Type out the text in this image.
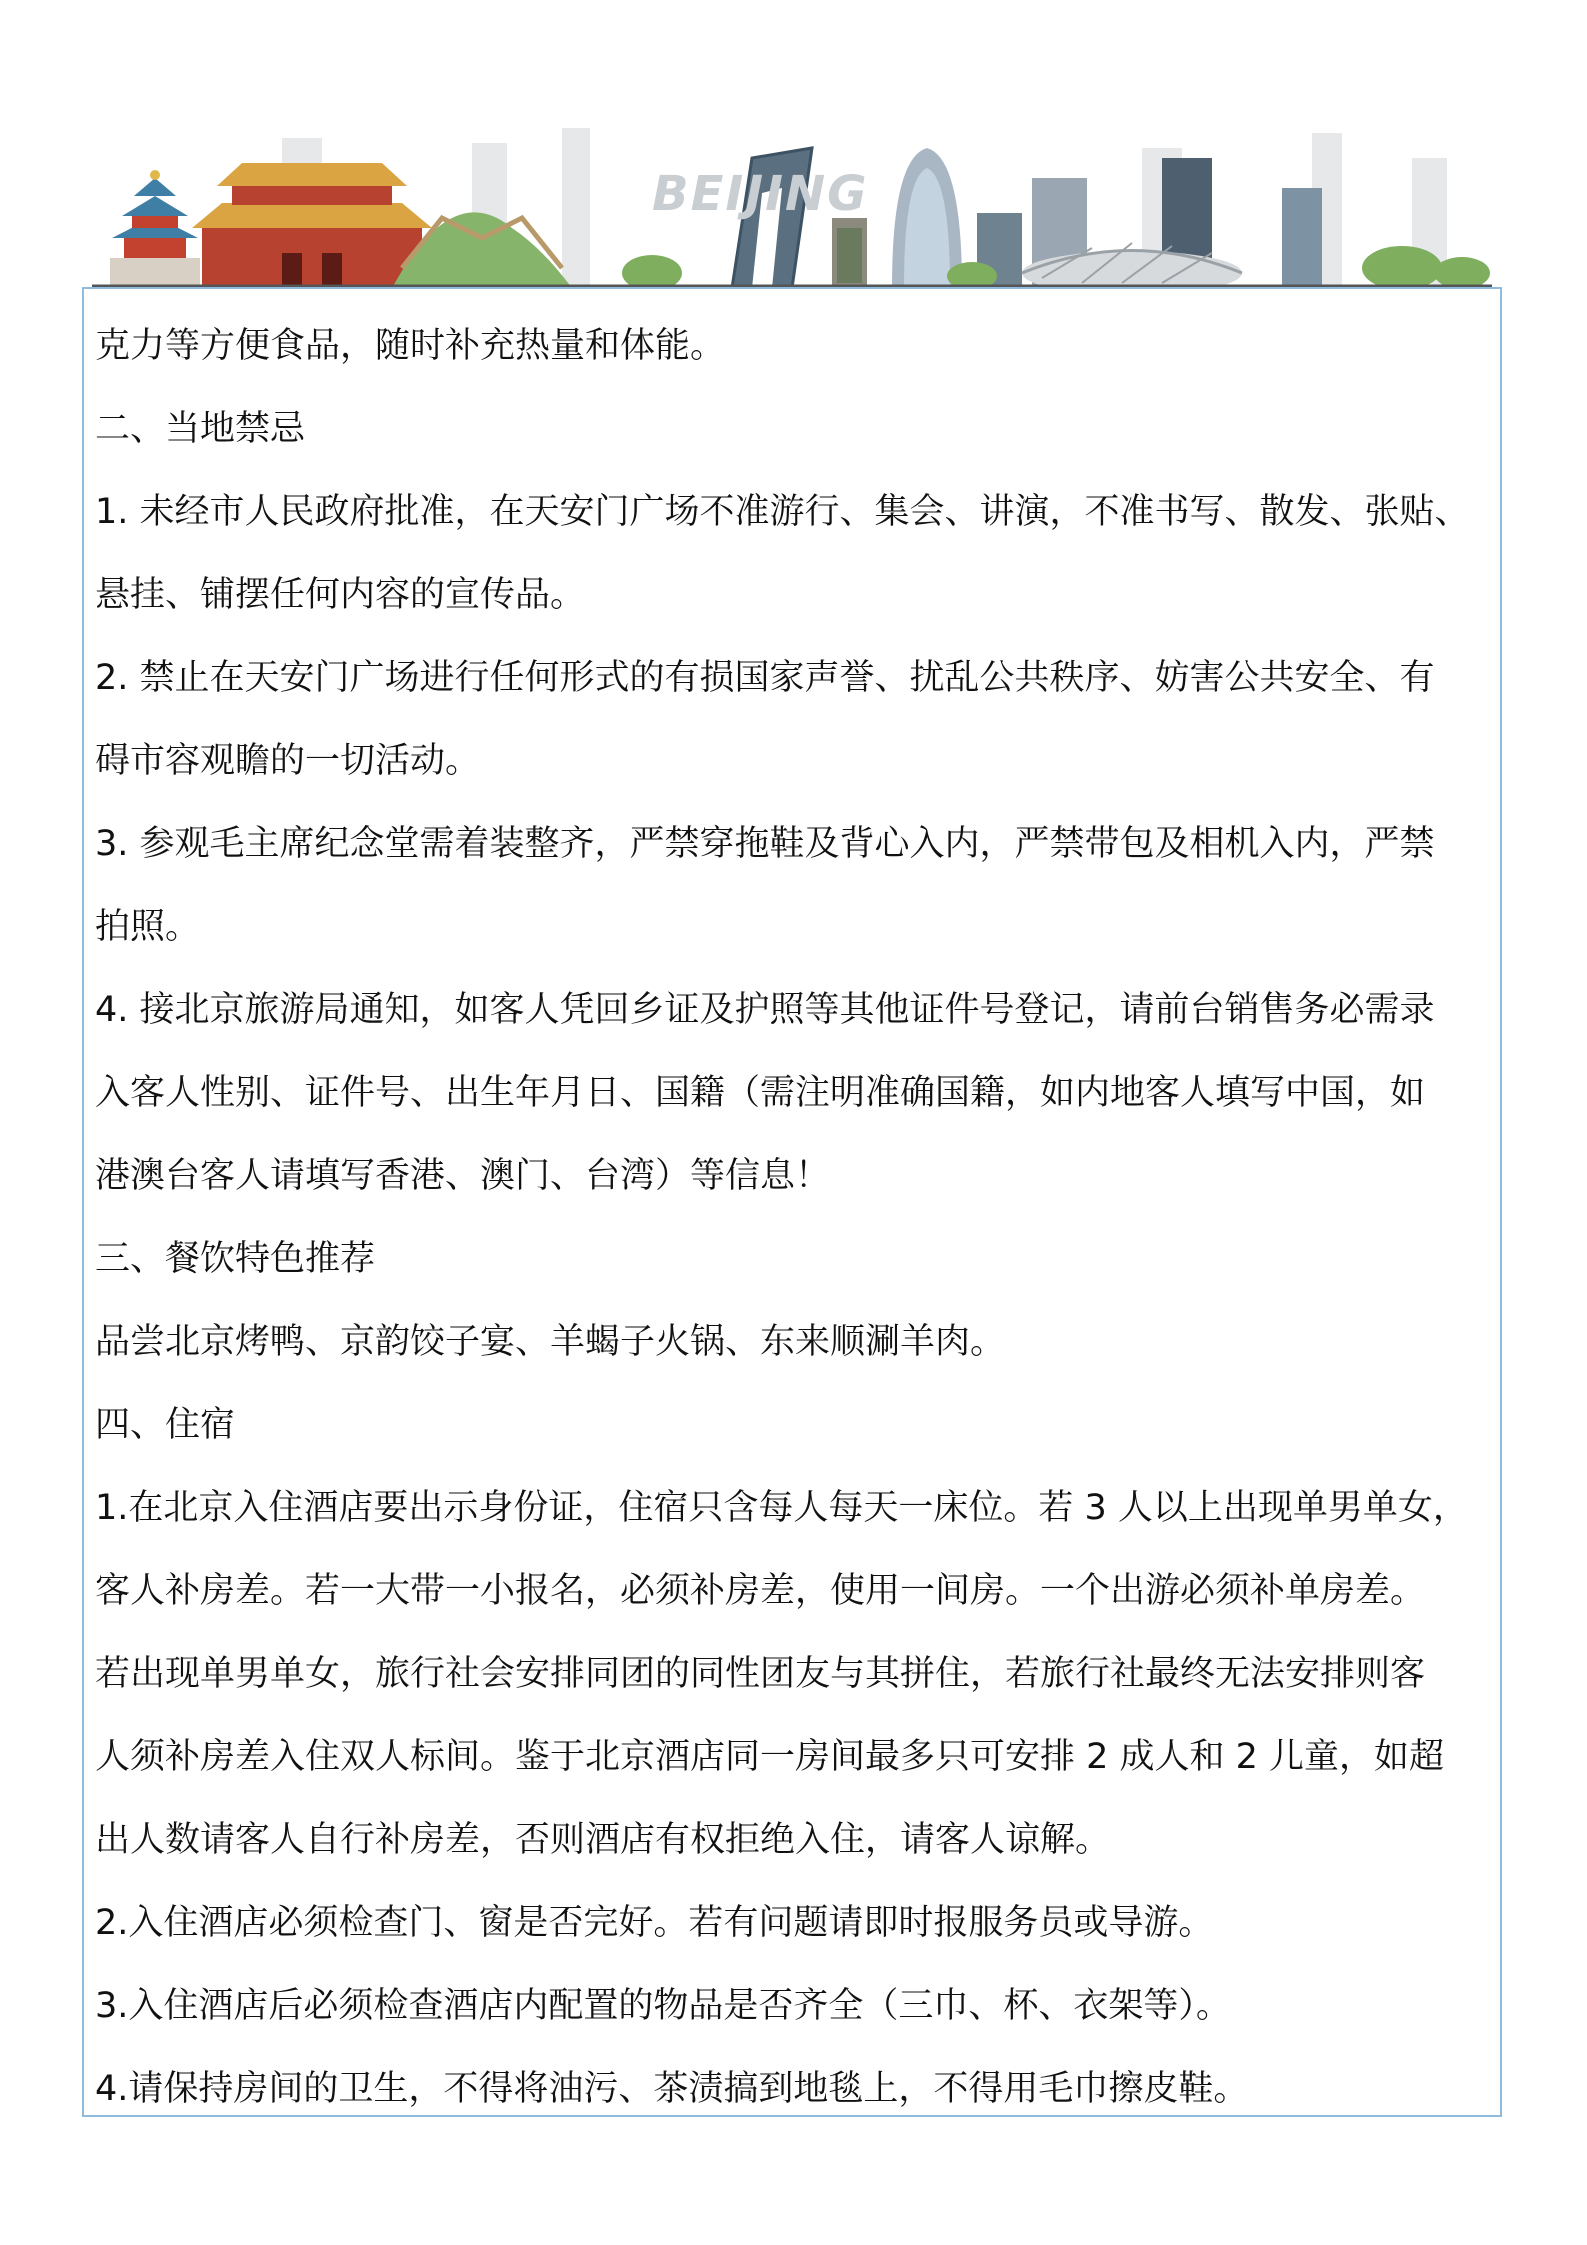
BEIJING

克力等方便食品，随时补充热量和体能。

二、当地禁忌

1. 未经市人民政府批准，在天安门广场不准游行、集会、讲演，不准书写、散发、张贴、

悬挂、铺摆任何内容的宣传品。

2. 禁止在天安门广场进行任何形式的有损国家声誉、扰乱公共秩序、妨害公共安全、有

碍市容观瞻的一切活动。

3. 参观毛主席纪念堂需着装整齐，严禁穿拖鞋及背心入内，严禁带包及相机入内，严禁

拍照。

4. 接北京旅游局通知，如客人凭回乡证及护照等其他证件号登记，请前台销售务必需录

入客人性别、证件号、出生年月日、国籍（需注明准确国籍，如内地客人填写中国，如

港澳台客人请填写香港、澳门、台湾）等信息！

三、餐饮特色推荐

品尝北京烤鸭、京韵饺子宴、羊蝎子火锅、东来顺涮羊肉。

四、住宿

1.在北京入住酒店要出示身份证，住宿只含每人每天一床位。若 3 人以上出现单男单女，

客人补房差。若一大带一小报名，必须补房差，使用一间房。一个出游必须补单房差。

若出现单男单女，旅行社会安排同团的同性团友与其拼住，若旅行社最终无法安排则客

人须补房差入住双人标间。鉴于北京酒店同一房间最多只可安排 2 成人和 2 儿童，如超

出人数请客人自行补房差，否则酒店有权拒绝入住，请客人谅解。

2.入住酒店必须检查门、窗是否完好。若有问题请即时报服务员或导游。

3.入住酒店后必须检查酒店内配置的物品是否齐全（三巾、杯、衣架等）。

4.请保持房间的卫生，不得将油污、茶渍搞到地毯上，不得用毛巾擦皮鞋。
